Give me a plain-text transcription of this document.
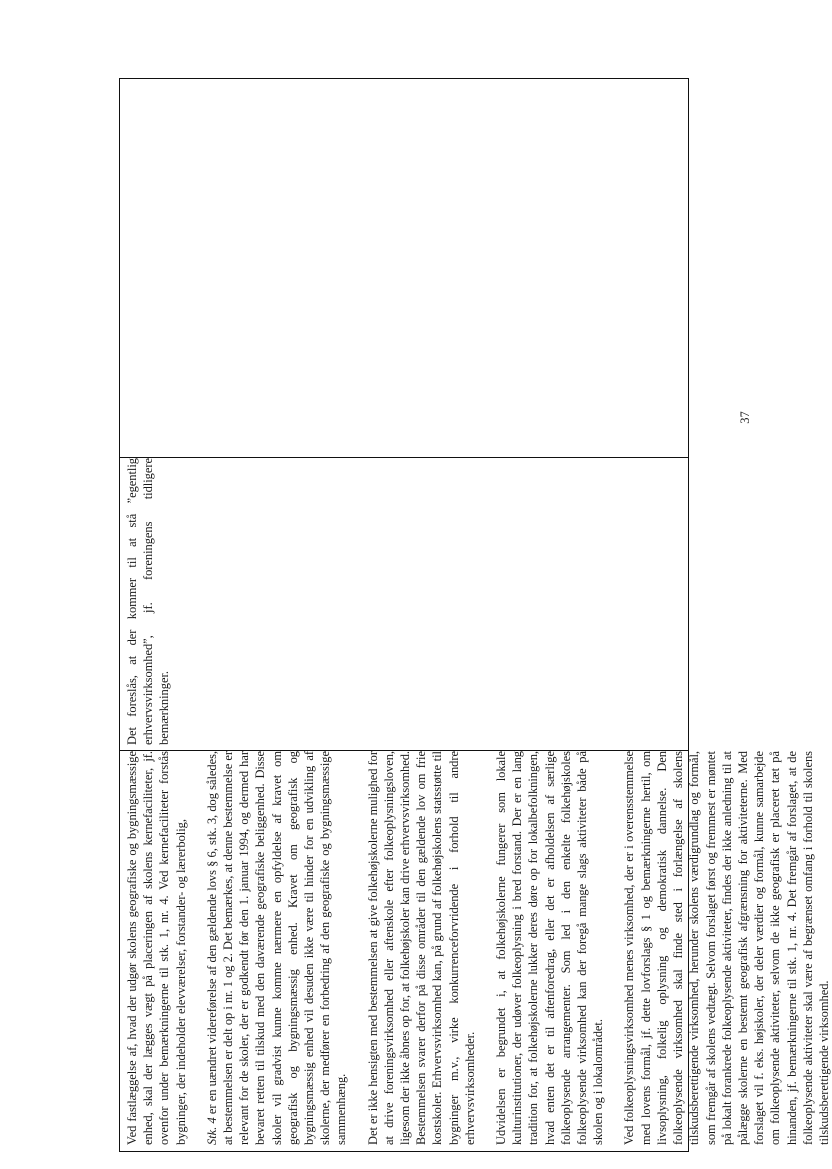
Ved fastlæggelse af, hvad der udgør skolens geografiske og bygningsmæssige enhed, skal der lægges vægt på placeringen af skolens kernefaciliteter, jf. ovenfor under bemærkningerne til stk. 1, nr. 4. Ved kernefaciliteter forstås bygninger, der indeholder elevværelser, forstander- og lærerbolig, Stk. 4 er en uændret videreførelse af den gældende lovs § 6, stk. 3, dog således, at bestemmelsen er delt op i nr. 1 og 2. Det bemærkes, at denne bestemmelse er relevant for de skoler, der er godkendt før den 1. januar 1994, og dermed har bevaret retten til tilskud med den daværende geografiske beliggenhed. Disse skoler vil gradvist kunne komme nærmere en opfyldelse af kravet om geografisk og bygningsmæssig enhed. Kravet om geografisk og bygningsmæssig enhed vil desuden ikke være til hinder for en udvikling af skolerne, der medfører en forbedring af den geografiske og bygningsmæssige sammenhæng. Det er ikke hensigten med bestemmelsen at give folkehøjskolerne mulighed for at drive foreningsvirksomhed eller aftenskole efter folkeoplysningsloven, ligesom der ikke åbnes op for, at folkehøjskoler kan drive erhvervsvirksomhed. Bestemmelsen svarer derfor på disse områder til den gældende lov om frie kostskoler. Erhvervsvirksomhed kan, på grund af folkehøjskolens statsstøtte til bygninger m.v., virke konkurrenceforvridende i forhold til andre erhvervsvirksomheder. Udvidelsen er begrundet i, at folkehøjskolerne fungerer som lokale kulturinstitutioner, der udøver folkeoplysning i bred forstand. Der er en lang tradition for, at folkehøjskolerne lukker deres døre op for lokalbefolkningen, hvad enten det er til aftenforedrag, eller det er afholdelsen af særlige folkeoplysende arrangementer. Som led i den enkelte folkehøjskoles folkeoplysende virksomhed kan der foregå mange slags aktiviteter både på skolen og i lokalområdet. Ved folkeoplysningsvirksomhed menes virksomhed, der er i overensstemmelse med lovens formål, jf. dette lovforslags § 1 og bemærkningerne hertil, om livsoplysning, folkelig oplysning og demokratisk dannelse. Den folkeoplysende virksomhed skal finde sted i forlængelse af skolens tilskudsberettigende virksomhed, herunder skolens værdigrundlag og formål, som fremgår af skolens vedtægt. Selvom forslaget først og fremmest er møntet på lokalt forankrede folkeoplysende aktiviteter, findes der ikke anledning til at pålægge skolerne en bestemt geografisk afgrænsning for aktiviteterne. Med forslaget vil f. eks. højskoler, der deler værdier og formål, kunne samarbejde om folkeoplysende aktiviteter, selvom de ikke geografisk er placeret tæt på hinanden, jf. bemærkningerne til stk. 1, nr. 4. Det fremgår af forslaget, at de folkeoplysende aktiviteter skal være af begrænset omfang i forhold til skolens tilskudsberettigende virksomhed.

Det foreslås, at der kommer til at stå ”egentlig erhvervsvirksomhed”, jf. foreningens tidligere bemærkninger.

37
